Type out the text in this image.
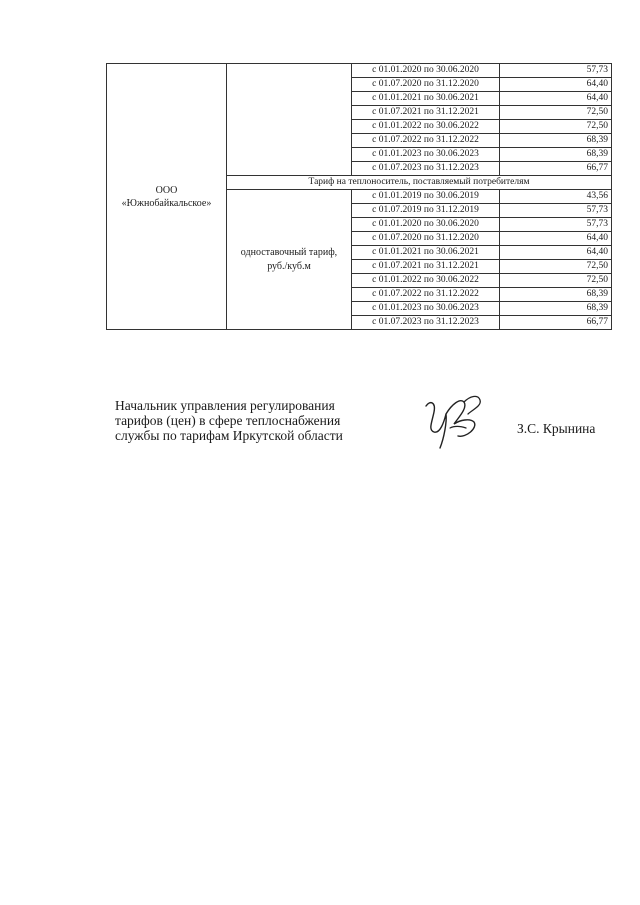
ООО «Южнобайкальское»		с 01.01.2020 по 30.06.2020	57,73
		с 01.07.2020 по 31.12.2020	64,40
		с 01.01.2021 по 30.06.2021	64,40
		с 01.07.2021 по 31.12.2021	72,50
		с 01.01.2022 по 30.06.2022	72,50
		с 01.07.2022 по 31.12.2022	68,39
		с 01.01.2023 по 30.06.2023	68,39
		с 01.07.2023 по 31.12.2023	66,77
	Тариф на теплоноситель, поставляемый потребителям		
	одноставочный тариф, руб./куб.м	с 01.01.2019 по 30.06.2019	43,56
		с 01.07.2019 по 31.12.2019	57,73
		с 01.01.2020 по 30.06.2020	57,73
		с 01.07.2020 по 31.12.2020	64,40
		с 01.01.2021 по 30.06.2021	64,40
		с 01.07.2021 по 31.12.2021	72,50
		с 01.01.2022 по 30.06.2022	72,50
		с 01.07.2022 по 31.12.2022	68,39
		с 01.01.2023 по 30.06.2023	68,39
		с 01.07.2023 по 31.12.2023	66,77
Начальник управления регулирования
тарифов (цен) в сфере теплоснабжения
службы по тарифам Иркутской области	З.С. Крынина
